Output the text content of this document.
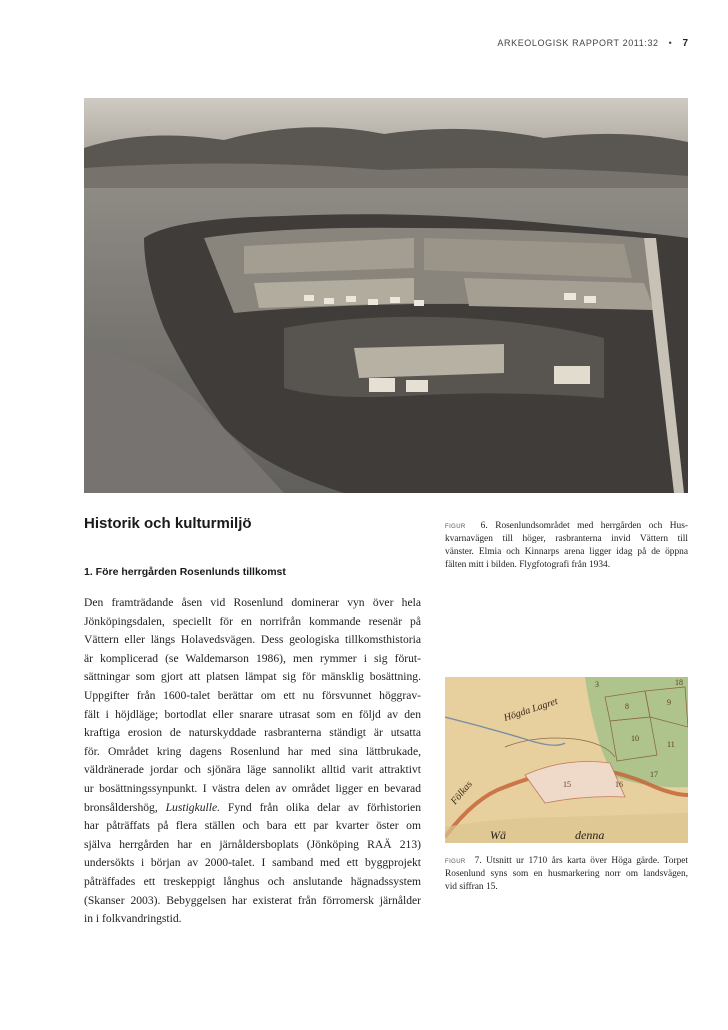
ARKEOLOGISK RAPPORT 2011:32 • 7
Historik och kulturmiljö
1. Före herrgården Rosenlunds tillkomst
Den framträdande åsen vid Rosenlund dominerar vyn över hela
Jönköpingsdalen, speciellt för en norrifrån kommande resenär på
Vättern eller längs Holavedsvägen. Dess geologiska tillkomsthistoria
är komplicerad (se Waldemarson 1986), men rymmer i sig förut-
sättningar som gjort att platsen lämpat sig för mänsklig bosättning.
Uppgifter från 1600-talet berättar om ett nu försvunnet höggrav-
fält i höjdläge; bortodlat eller snarare utrasat som en följd av den
kraftiga erosion de naturskyddade rasbranterna ständigt är utsatta
för. Området kring dagens Rosenlund har med sina lättbrukade,
väldränerade jordar och sjönära läge sannolikt alltid varit attraktivt
ur bosättningssynpunkt. I västra delen av området ligger en bevarad
bronsåldershög, Lustigkulle. Fynd från olika delar av förhistorien
har påträffats på flera ställen och bara ett par kvarter öster om
själva herrgården har en järnåldersboplats (Jönköping RAÄ 213)
undersökts i början av 2000-talet. I samband med ett byggprojekt
påträffades ett treskeppigt långhus och anslutande hägnadssystem
(Skanser 2003). Bebyggelsen har existerat från förromersk järnålder
in i folkvandringstid.
figur 6. Rosenlundsområdet med herrgården och Hus-
kvarnavägen till höger, rasbranterna invid Vättern till
vänster. Elmia och Kinnarps arena ligger idag på de öppna
fälten mitt i bilden. Flygfotografi från 1934.
Högda Lagret
Fölkas
Wä	denna
3
8	9
10
15
11
16
17
18
figur 7. Utsnitt ur 1710 års karta över Höga gärde. Torpet
Rosenlund syns som en husmarkering norr om landsvägen,
vid siffran 15.
